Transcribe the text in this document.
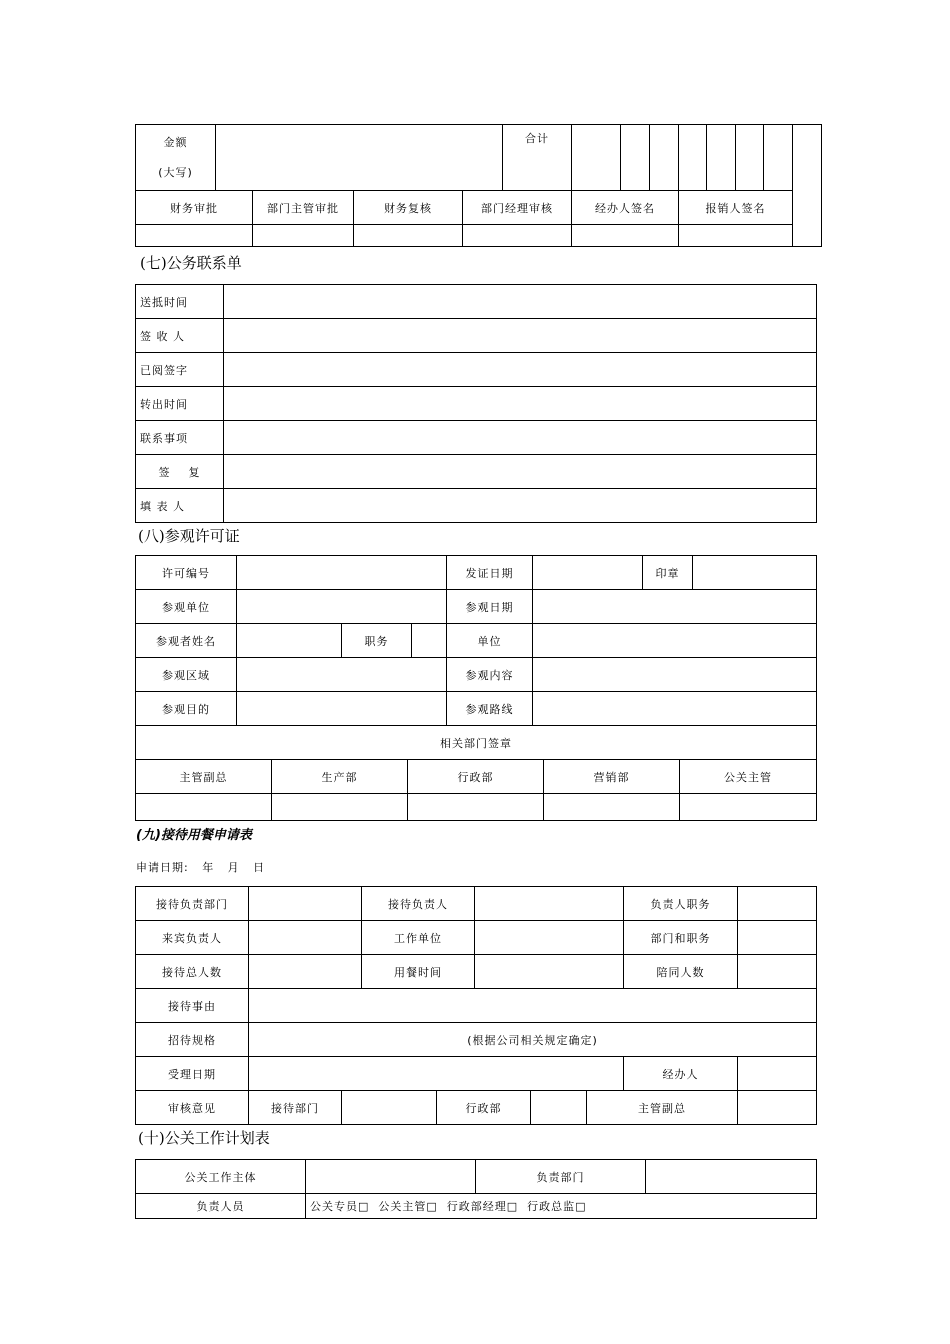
金额
(大写)					合计								
财务审批		部门主管审批	财务复核	部门经理审核		经办人签名			报销人签名				

(七)公务联系单
送抵时间	
签 收 人	
已阅签字	
转出时间	
联系事项	
签    复	
填 表 人	
(八)参观许可证
许可编号				发证日期		印章	
参观单位				参观日期			
参观者姓名		职务		单位			
参观区域				参观内容			
参观目的				参观路线			
相关部门签章							
主管副总	生产部	行政部	营销部	公关主管

(九)接待用餐申请表
申请日期:   年   月   日
接待负责部门			接待负责人					负责人职务	
来宾负责人			工作单位					部门和职务	
接待总人数			用餐时间					陪同人数	
接待事由									
招待规格	(根据公司相关规定确定)								
受理日期								经办人	
审核意见	接待部门			行政部			主管副总		
(十)公关工作计划表
公关工作主体		负责部门	
负责人员	公关专员□  公关主管□  行政部经理□  行政总监□		
